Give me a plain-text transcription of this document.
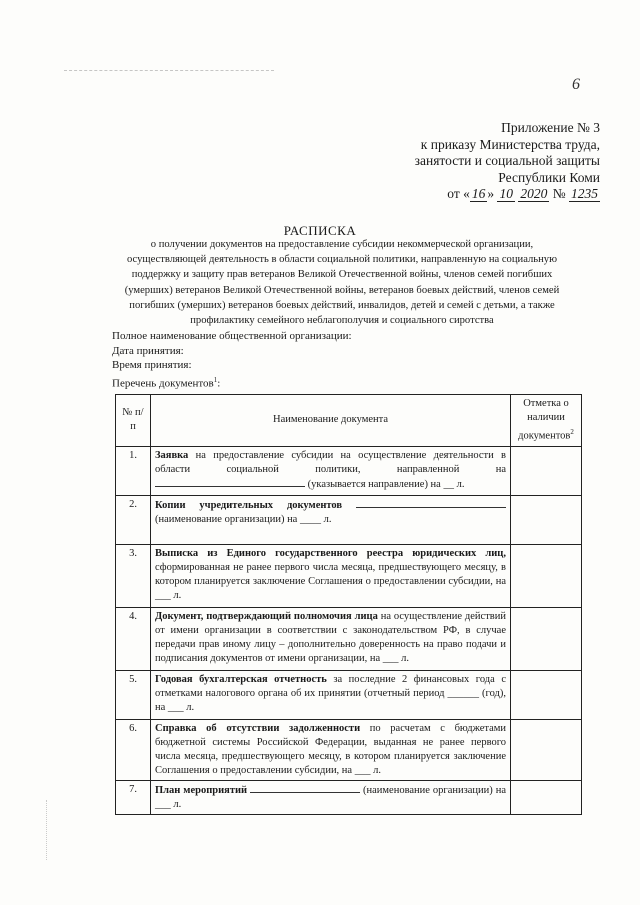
6
Приложение № 3
к приказу Министерства труда,
занятости и социальной защиты
Республики Коми
от « 16 » 10 2020 № 1235
РАСПИСКА
о получении документов на предоставление субсидии некоммерческой организации, осуществляющей деятельность в области социальной политики, направленную на социальную поддержку и защиту прав ветеранов Великой Отечественной войны, членов семей погибших (умерших) ветеранов Великой Отечественной войны, ветеранов боевых действий, членов семей погибших (умерших) ветеранов боевых действий, инвалидов, детей и семей с детьми, а также профилактику семейного неблагополучия и социального сиротства
Полное наименование общественной организации:
Дата принятия:
Время принятия:
Перечень документов$^1$:
№ п/п	Наименование документа	Отметка о наличии документов$^2$
1.	Заявка на предоставление субсидии на осуществление деятельности в области социальной политики, направленной на  (указывается направление) на __ л.	
2.	Копии учредительных документов  (наименование организации) на ____ л.	
3.	Выписка из Единого государственного реестра юридических лиц, сформированная не ранее первого числа месяца, предшествующего месяцу, в котором планируется заключение Соглашения о предоставлении субсидии, на ___ л.	
4.	Документ, подтверждающий полномочия лица на осуществление действий от имени организации в соответствии с законодательством РФ, в случае передачи прав иному лицу – дополнительно доверенность на право подачи и подписания документов от имени организации, на ___ л.	
5.	Годовая бухгалтерская отчетность за последние 2 финансовых года с отметками налогового органа об их принятии (отчетный период ______ (год), на ___ л.	
6.	Справка об отсутствии задолженности по расчетам с бюджетами бюджетной системы Российской Федерации, выданная не ранее первого числа месяца, предшествующего месяцу, в котором планируется заключение Соглашения о предоставлении субсидии, на ___ л.	
7.	План мероприятий (наименование организации) на ___ л.	
